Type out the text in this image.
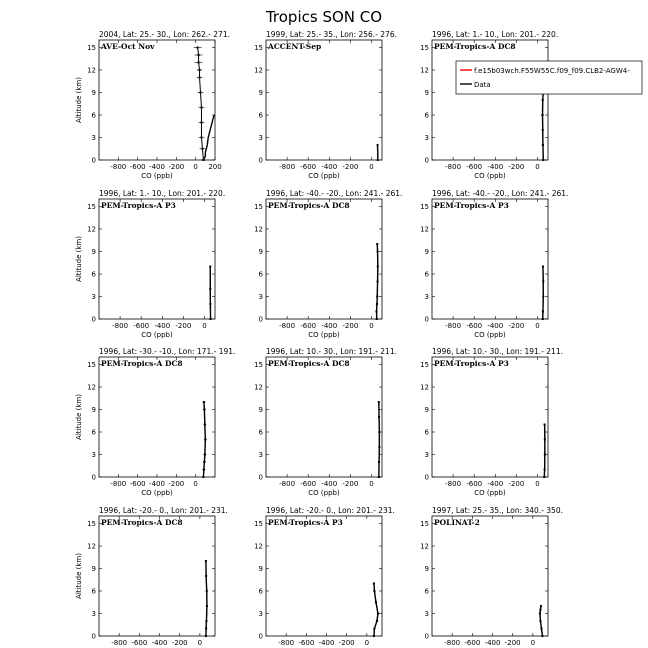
Tropics SON CO
2004, Lat: 25.- 30., Lon: 262.- 271.
AVE-Oct Nov
-800 -600 -400 -200 0 200
0
3
6
9
12
15
CO (ppb)
Altitude (km)
1999, Lat: 25.- 35., Lon: 256.- 276.
ACCENT-Sep
-800 -600 -400 -200 0
0
3
6
9
12
15
CO (ppb)
1996, Lat: 1.- 10., Lon: 201.- 220.
PEM-Tropics-A DC8
-800 -600 -400 -200 0
0
3
6
9
12
15
CO (ppb)
1996, Lat: 1.- 10., Lon: 201.- 220.
PEM-Tropics-A P3
-800 -600 -400 -200 0
0
3
6
9
12
15
CO (ppb)
Altitude (km)
1996, Lat: -40.- -20., Lon: 241.- 261.
PEM-Tropics-A DC8
-800 -600 -400 -200 0
0
3
6
9
12
15
CO (ppb)
1996, Lat: -40.- -20., Lon: 241.- 261.
PEM-Tropics-A P3
-800 -600 -400 -200 0
0
3
6
9
12
15
CO (ppb)
1996, Lat: -30.- -10., Lon: 171.- 191.
PEM-Tropics-A DC8
-800 -600 -400 -200 0
0
3
6
9
12
15
CO (ppb)
Altitude (km)
1996, Lat: 10.- 30., Lon: 191.- 211.
PEM-Tropics-A DC8
-800 -600 -400 -200 0
0
3
6
9
12
15
CO (ppb)
1996, Lat: 10.- 30., Lon: 191.- 211.
PEM-Tropics-A P3
-800 -600 -400 -200 0
0
3
6
9
12
15
CO (ppb)
1996, Lat: -20.- 0., Lon: 201.- 231.
PEM-Tropics-A DC8
-800 -600 -400 -200 0
0
3
6
9
12
15
Altitude (km)
1996, Lat: -20.- 0., Lon: 201.- 231.
PEM-Tropics-A P3
-800 -600 -400 -200 0
0
3
6
9
12
15
1997, Lat: 25.- 35., Lon: 340.- 350.
POLINAT-2
-800 -600 -400 -200 0
0
3
6
9
12
15
f.e15b03wch.F55W55C.f09_f09.CLB2-AGW4-
Data
